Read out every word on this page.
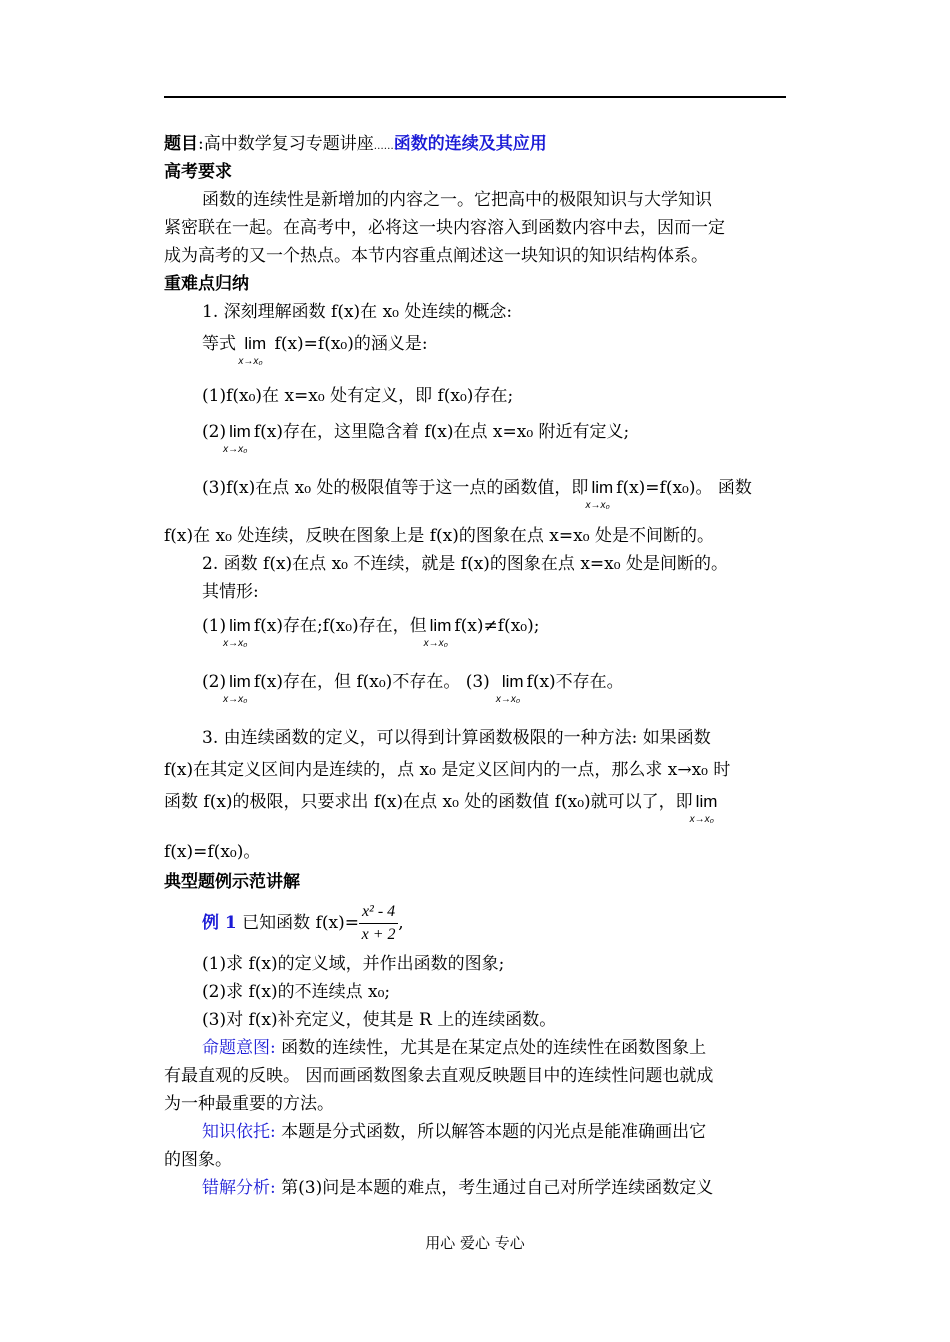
题目:高中数学复习专题讲座……函数的连续及其应用
高考要求
函数的连续性是新增加的内容之一。它把高中的极限知识与大学知识
紧密联在一起。在高考中，必将这一块内容溶入到函数内容中去，因而一定
成为高考的又一个热点。本节内容重点阐述这一块知识的知识结构体系。
重难点归纳
1. 深刻理解函数 f(x)在 x₀ 处连续的概念:
等式 lim
x→x₀
f(x)=f(x₀)的涵义是:
(1)f(x₀)在 x=x₀ 处有定义，即 f(x₀)存在;
(2) lim
x→x₀
f(x)存在，这里隐含着 f(x)在点 x=x₀ 附近有定义;
(3)f(x)在点 x₀ 处的极限值等于这一点的函数值，即 lim
x→x₀
f(x)=f(x₀)。 函数
f(x)在 x₀ 处连续，反映在图象上是 f(x)的图象在点 x=x₀ 处是不间断的。
2. 函数 f(x)在点 x₀ 不连续，就是 f(x)的图象在点 x=x₀ 处是间断的。
其情形:
(1) lim
x→x₀
f(x)存在;f(x₀)存在，但 lim
x→x₀
f(x)≠f(x₀);
(2) lim
x→x₀
f(x)存在，但 f(x₀)不存在。 (3) lim
x→x₀
f(x)不存在。
3. 由连续函数的定义，可以得到计算函数极限的一种方法: 如果函数
f(x)在其定义区间内是连续的，点 x₀ 是定义区间内的一点，那么求 x→x₀ 时
函数 f(x)的极限，只要求出 f(x)在点 x₀ 处的函数值 f(x₀)就可以了，即 lim
x→x₀
f(x)=f(x₀)。
典型题例示范讲解
例 1 已知函数 $f(x)= \frac{\text{x² - 4}}{x + 2}$ ,
(1)求 f(x)的定义域，并作出函数的图象;
(2)求 f(x)的不连续点 x₀;
(3)对 f(x)补充定义，使其是 R 上的连续函数。
命题意图: 函数的连续性，尤其是在某定点处的连续性在函数图象上
有最直观的反映。 因而画函数图象去直观反映题目中的连续性问题也就成
为一种最重要的方法。
知识依托: 本题是分式函数，所以解答本题的闪光点是能准确画出它
的图象。
错解分析: 第(3)问是本题的难点，考生通过自己对所学连续函数定义
用心 爱心 专心
